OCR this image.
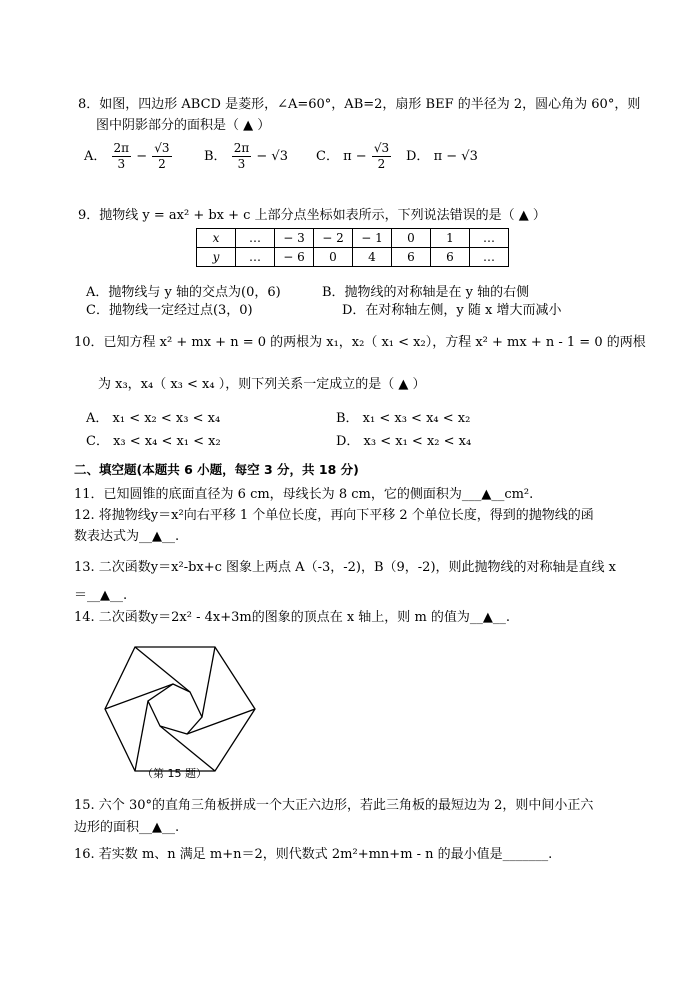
8．如图，四边形 ABCD 是菱形，∠A=60°，AB=2，扇形 BEF 的半径为 2，圆心角为 60°，则
图中阴影部分的面积是（ ▲ ）
A． $\frac{2\pi}{3} - \frac{√3}{2}$ B． $\frac{2\pi}{3} - √3$ C． $\pi - \frac{√3}{2}$ D． π − √3
9．抛物线 y = ax² + bx + c 上部分点坐标如表所示，下列说法错误的是（ ▲ ）
x	…	− 3	− 2	− 1	0	1	…
y	…	− 6	0	4	6	6	…
A．抛物线与 y 轴的交点为(0，6)	B．抛物线的对称轴是在 y 轴的右侧
C．抛物线一定经过点(3，0)	D．在对称轴左侧，y 随 x 增大而减小
10．已知方程 x² + mx + n = 0 的两根为 x₁，x₂（ x₁ < x₂），方程 x² + mx + n - 1 = 0 的两根
为 x₃，x₄（ x₃ < x₄ ），则下列关系一定成立的是（ ▲ ）
A． x₁ < x₂ < x₃ < x₄	B． x₁ < x₃ < x₄ < x₂
C． x₃ < x₄ < x₁ < x₂	D． x₃ < x₁ < x₂ < x₄
二、填空题(本题共 6 小题，每空 3 分，共 18 分)
11．已知圆锥的底面直径为 6 cm，母线长为 8 cm，它的侧面积为___▲__cm².
12. 将抛物线y＝x²向右平移 1 个单位长度，再向下平移 2 个单位长度，得到的抛物线的函
数表达式为__▲__.
13. 二次函数y＝x²-bx+c 图象上两点 A（-3，-2)，B（9，-2)，则此抛物线的对称轴是直线 x
＝__▲__.
14. 二次函数y＝2x² - 4x+3m的图象的顶点在 x 轴上，则 m 的值为__▲__.
（第 15 题）
15. 六个 30°的直角三角板拼成一个大正六边形，若此三角板的最短边为 2，则中间小正六
边形的面积__▲__.
16. 若实数 m、n 满足 m+n＝2，则代数式 2m²+mn+m - n 的最小值是_______.
